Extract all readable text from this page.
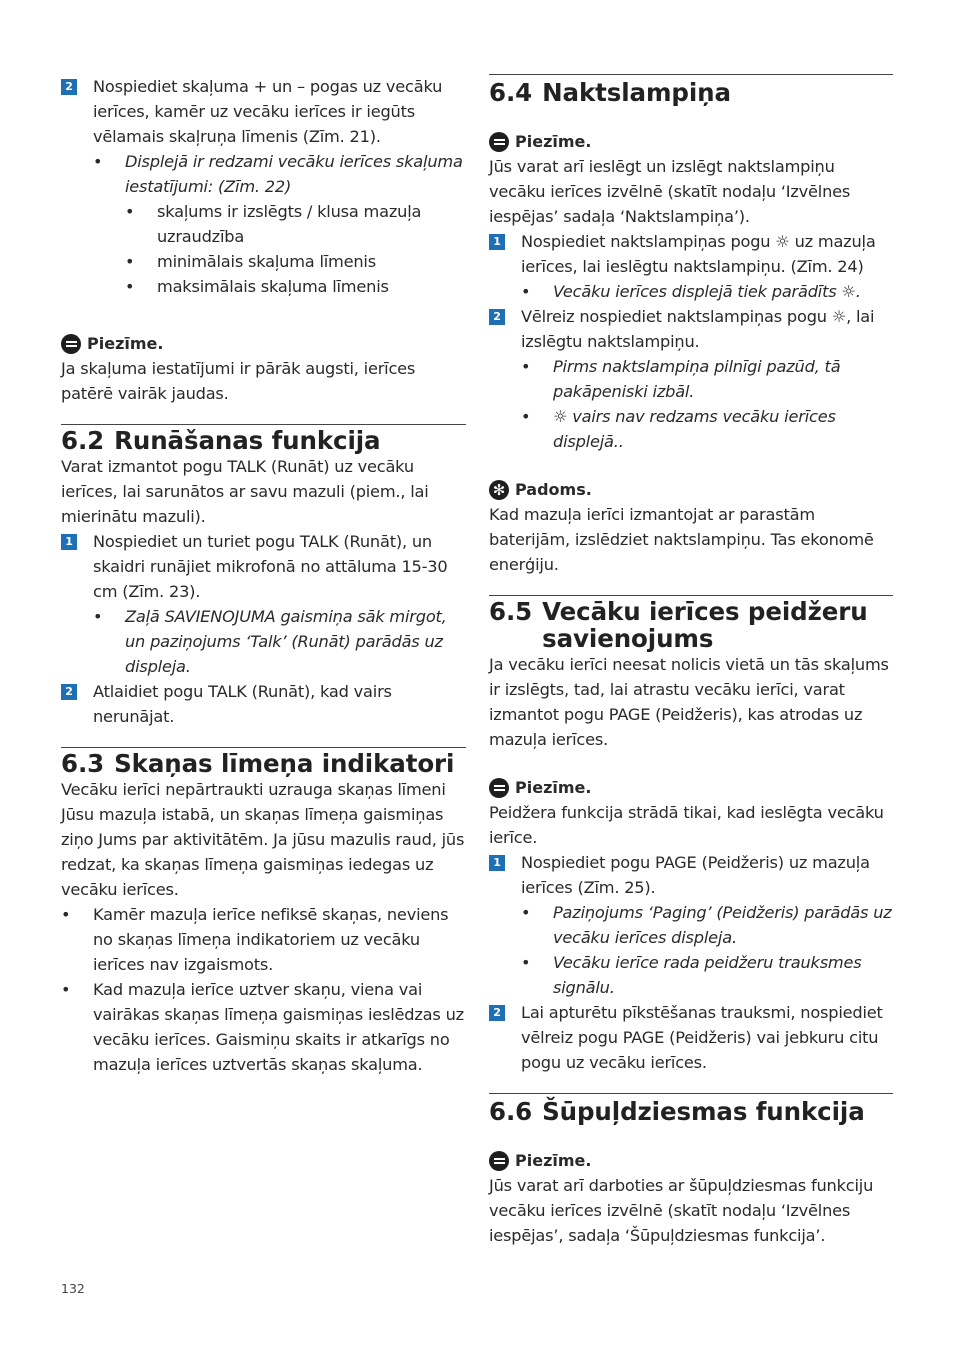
2 Nospiediet skaļuma + un – pogas uz vecāku ierīces, kamēr uz vecāku ierīces ir iegūts vēlamais skaļruņa līmenis (Zīm. 21).
• Displejā ir redzami vecāku ierīces skaļuma iestatījumi: (Zīm. 22)
• skaļums ir izslēgts / klusa mazuļa uzraudzība
• minimālais skaļuma līmenis
• maksimālais skaļuma līmenis
Piezīme.

Ja skaļuma iestatījumi ir pārāk augsti, ierīces patērē vairāk jaudas.

6.2 Runāšanas funkcija

Varat izmantot pogu TALK (Runāt) uz vecāku ierīces, lai sarunātos ar savu mazuli (piem., lai mierinātu mazuli).

1 Nospiediet un turiet pogu TALK (Runāt), un skaidri runājiet mikrofonā no attāluma 15-30 cm (Zīm. 23).
• Zaļā SAVIENOJUMA gaismiņa sāk mirgot, un paziņojums ‘Talk’ (Runāt) parādās uz displeja.
2 Atlaidiet pogu TALK (Runāt), kad vairs nerunājat.
6.3 Skaņas līmeņa indikatori

Vecāku ierīci nepārtraukti uzrauga skaņas līmeni Jūsu mazuļa istabā, un skaņas līmeņa gaismiņas ziņo Jums par aktivitātēm. Ja jūsu mazulis raud, jūs redzat, ka skaņas līmeņa gaismiņas iedegas uz vecāku ierīces.

• Kamēr mazuļa ierīce nefiksē skaņas, neviens no skaņas līmeņa indikatoriem uz vecāku ierīces nav izgaismots.
• Kad mazuļa ierīce uztver skaņu, viena vai vairākas skaņas līmeņa gaismiņas ieslēdzas uz vecāku ierīces. Gaismiņu skaits ir atkarīgs no mazuļa ierīces uztvertās skaņas skaļuma.
6.4 Naktslampiņa
Piezīme.

Jūs varat arī ieslēgt un izslēgt naktslampiņu vecāku ierīces izvēlnē (skatīt nodaļu ‘Izvēlnes iespējas’ sadaļa ‘Naktslampiņa’).

1 Nospiediet naktslampiņas pogu ☼ uz mazuļa ierīces, lai ieslēgtu naktslampiņu. (Zīm. 24)
• Vecāku ierīces displejā tiek parādīts ☼.
2 Vēlreiz nospiediet naktslampiņas pogu ☼, lai izslēgtu naktslampiņu.
• Pirms naktslampiņa pilnīgi pazūd, tā pakāpeniski izbāl.
• ☼ vairs nav redzams vecāku ierīces displejā..
✻ Padoms.

Kad mazuļa ierīci izmantojat ar parastām baterijām, izslēdziet naktslampiņu. Tas ekonomē enerģiju.

6.5 Vecāku ierīces peidžeru savienojums

Ja vecāku ierīci neesat nolicis vietā un tās skaļums ir izslēgts, tad, lai atrastu vecāku ierīci, varat izmantot pogu PAGE (Peidžeris), kas atrodas uz mazuļa ierīces.

Piezīme.

Peidžera funkcija strādā tikai, kad ieslēgta vecāku ierīce.

1 Nospiediet pogu PAGE (Peidžeris) uz mazuļa ierīces (Zīm. 25).
• Paziņojums ‘Paging’ (Peidžeris) parādās uz vecāku ierīces displeja.
• Vecāku ierīce rada peidžeru trauksmes signālu.
2 Lai apturētu pīkstēšanas trauksmi, nospiediet vēlreiz pogu PAGE (Peidžeris) vai jebkuru citu pogu uz vecāku ierīces.
6.6 Šūpuļdziesmas funkcija
Piezīme.

Jūs varat arī darboties ar šūpuļdziesmas funkciju vecāku ierīces izvēlnē (skatīt nodaļu ‘Izvēlnes iespējas’, sadaļa ‘Šūpuļdziesmas funkcija’.

132
